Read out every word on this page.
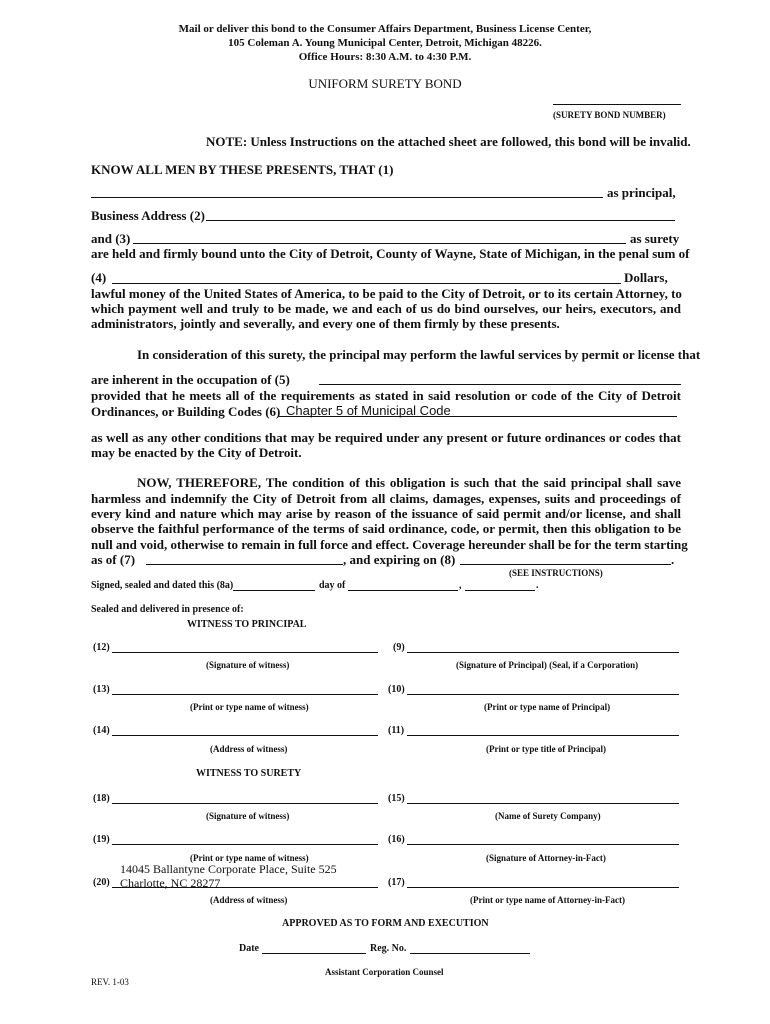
Mail or deliver this bond to the Consumer Affairs Department, Business License Center,
105 Coleman A. Young Municipal Center, Detroit, Michigan 48226.
Office Hours: 8:30 A.M. to 4:30 P.M.
UNIFORM SURETY BOND
(SURETY BOND NUMBER)
NOTE: Unless Instructions on the attached sheet are followed, this bond will be invalid.
KNOW ALL MEN BY THESE PRESENTS, THAT (1)
as principal,
Business Address (2)
and (3)	as surety
are held and firmly bound unto the City of Detroit, County of Wayne, State of Michigan, in the penal sum of
(4)	Dollars,
lawful money of the United States of America, to be paid to the City of Detroit, or to its certain Attorney, to
which payment well and truly to be made, we and each of us do bind ourselves, our heirs, executors, and
administrators, jointly and severally, and every one of them firmly by these presents.
In consideration of this surety, the principal may perform the lawful services by permit or license that
are inherent in the occupation of (5)
provided that he meets all of the requirements as stated in said resolution or code of the City of Detroit
Ordinances, or Building Codes (6) Chapter 5 of Municipal Code
as well as any other conditions that may be required under any present or future ordinances or codes that
may be enacted by the City of Detroit.
NOW, THEREFORE, The condition of this obligation is such that the said principal shall save
harmless and indemnify the City of Detroit from all claims, damages, expenses, suits and proceedings of
every kind and nature which may arise by reason of the issuance of said permit and/or license, and shall
observe the faithful performance of the terms of said ordinance, code, or permit, then this obligation to be
null and void, otherwise to remain in full force and effect. Coverage hereunder shall be for the term starting
as of (7)	, and expiring on (8)	.
(SEE INSTRUCTIONS)
Signed, sealed and dated this (8a)	day of	,	.
Sealed and delivered in presence of:
WITNESS TO PRINCIPAL
(12)	(9)
(Signature of witness)	(Signature of Principal) (Seal, if a Corporation)
(13)	(10)
(Print or type name of witness)	(Print or type name of Principal)
(14)	(11)
(Address of witness)	(Print or type title of Principal)
WITNESS TO SURETY
(18)	(15)
(Signature of witness)	(Name of Surety Company)
(19)	(16)
(Print or type name of witness)	(Signature of Attorney-in-Fact)
14045 Ballantyne Corporate Place, Suite 525
(20) Charlotte, NC 28277	(17)
(Address of witness)	(Print or type name of Attorney-in-Fact)
APPROVED AS TO FORM AND EXECUTION
Date	Reg. No.
Assistant Corporation Counsel
REV. 1-03
